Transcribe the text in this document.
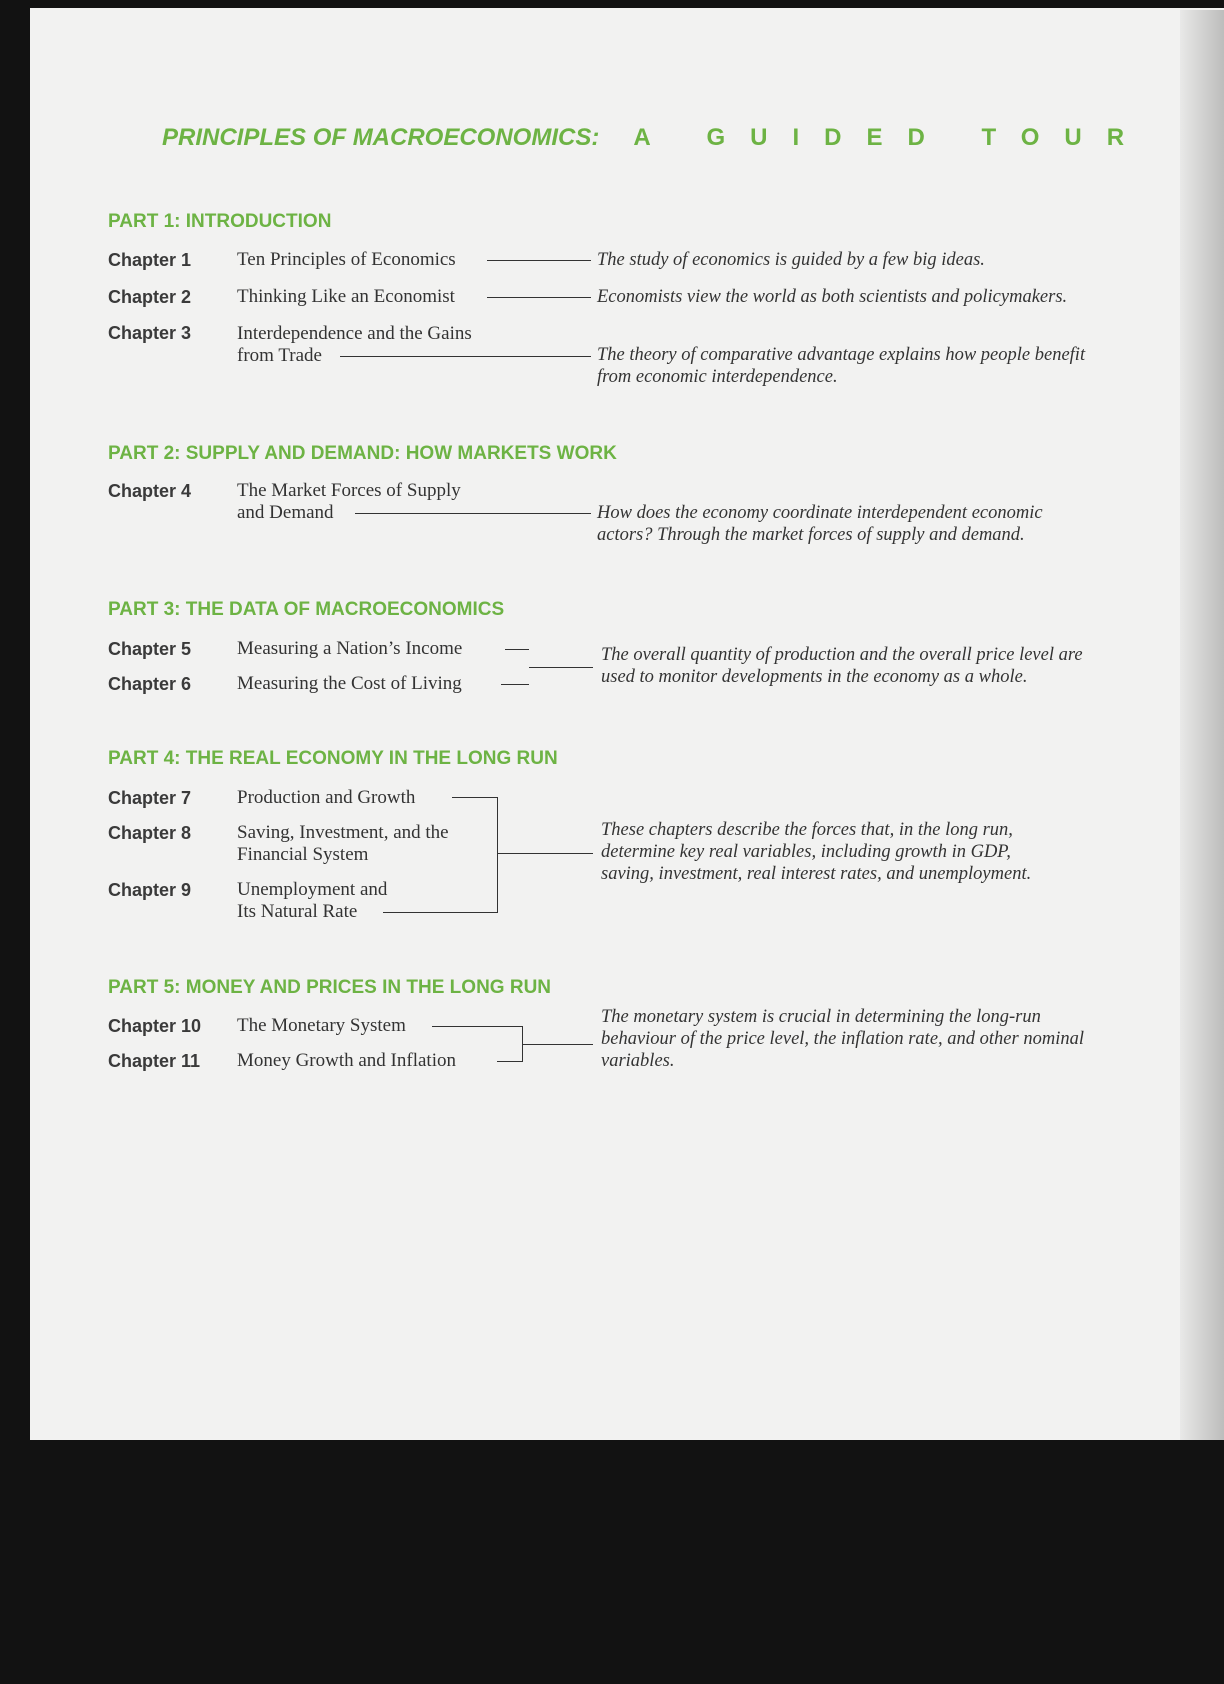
PRINCIPLES OF MACROECONOMICS: A GUIDED TOUR
PART 1: INTRODUCTION
Chapter 1 Ten Principles of Economics	The study of economics is guided by a few big ideas.
Chapter 2 Thinking Like an Economist	Economists view the world as both scientists and policymakers.
Chapter 3 Interdependence and the Gains
from Trade	The theory of comparative advantage explains how people benefit
from economic interdependence.
PART 2: SUPPLY AND DEMAND: HOW MARKETS WORK
Chapter 4 The Market Forces of Supply
and Demand	How does the economy coordinate interdependent economic
actors? Through the market forces of supply and demand.
PART 3: THE DATA OF MACROECONOMICS
Chapter 5 Measuring a Nation’s Income
Chapter 6 Measuring the Cost of Living
The overall quantity of production and the overall price level are
used to monitor developments in the economy as a whole.
PART 4: THE REAL ECONOMY IN THE LONG RUN
Chapter 7 Production and Growth
Chapter 8 Saving, Investment, and the
Financial System
Chapter 9 Unemployment and
Its Natural Rate
These chapters describe the forces that, in the long run,
determine key real variables, including growth in GDP,
saving, investment, real interest rates, and unemployment.
PART 5: MONEY AND PRICES IN THE LONG RUN
Chapter 10 The Monetary System
Chapter 11 Money Growth and Inflation
The monetary system is crucial in determining the long-run
behaviour of the price level, the inflation rate, and other nominal
variables.
